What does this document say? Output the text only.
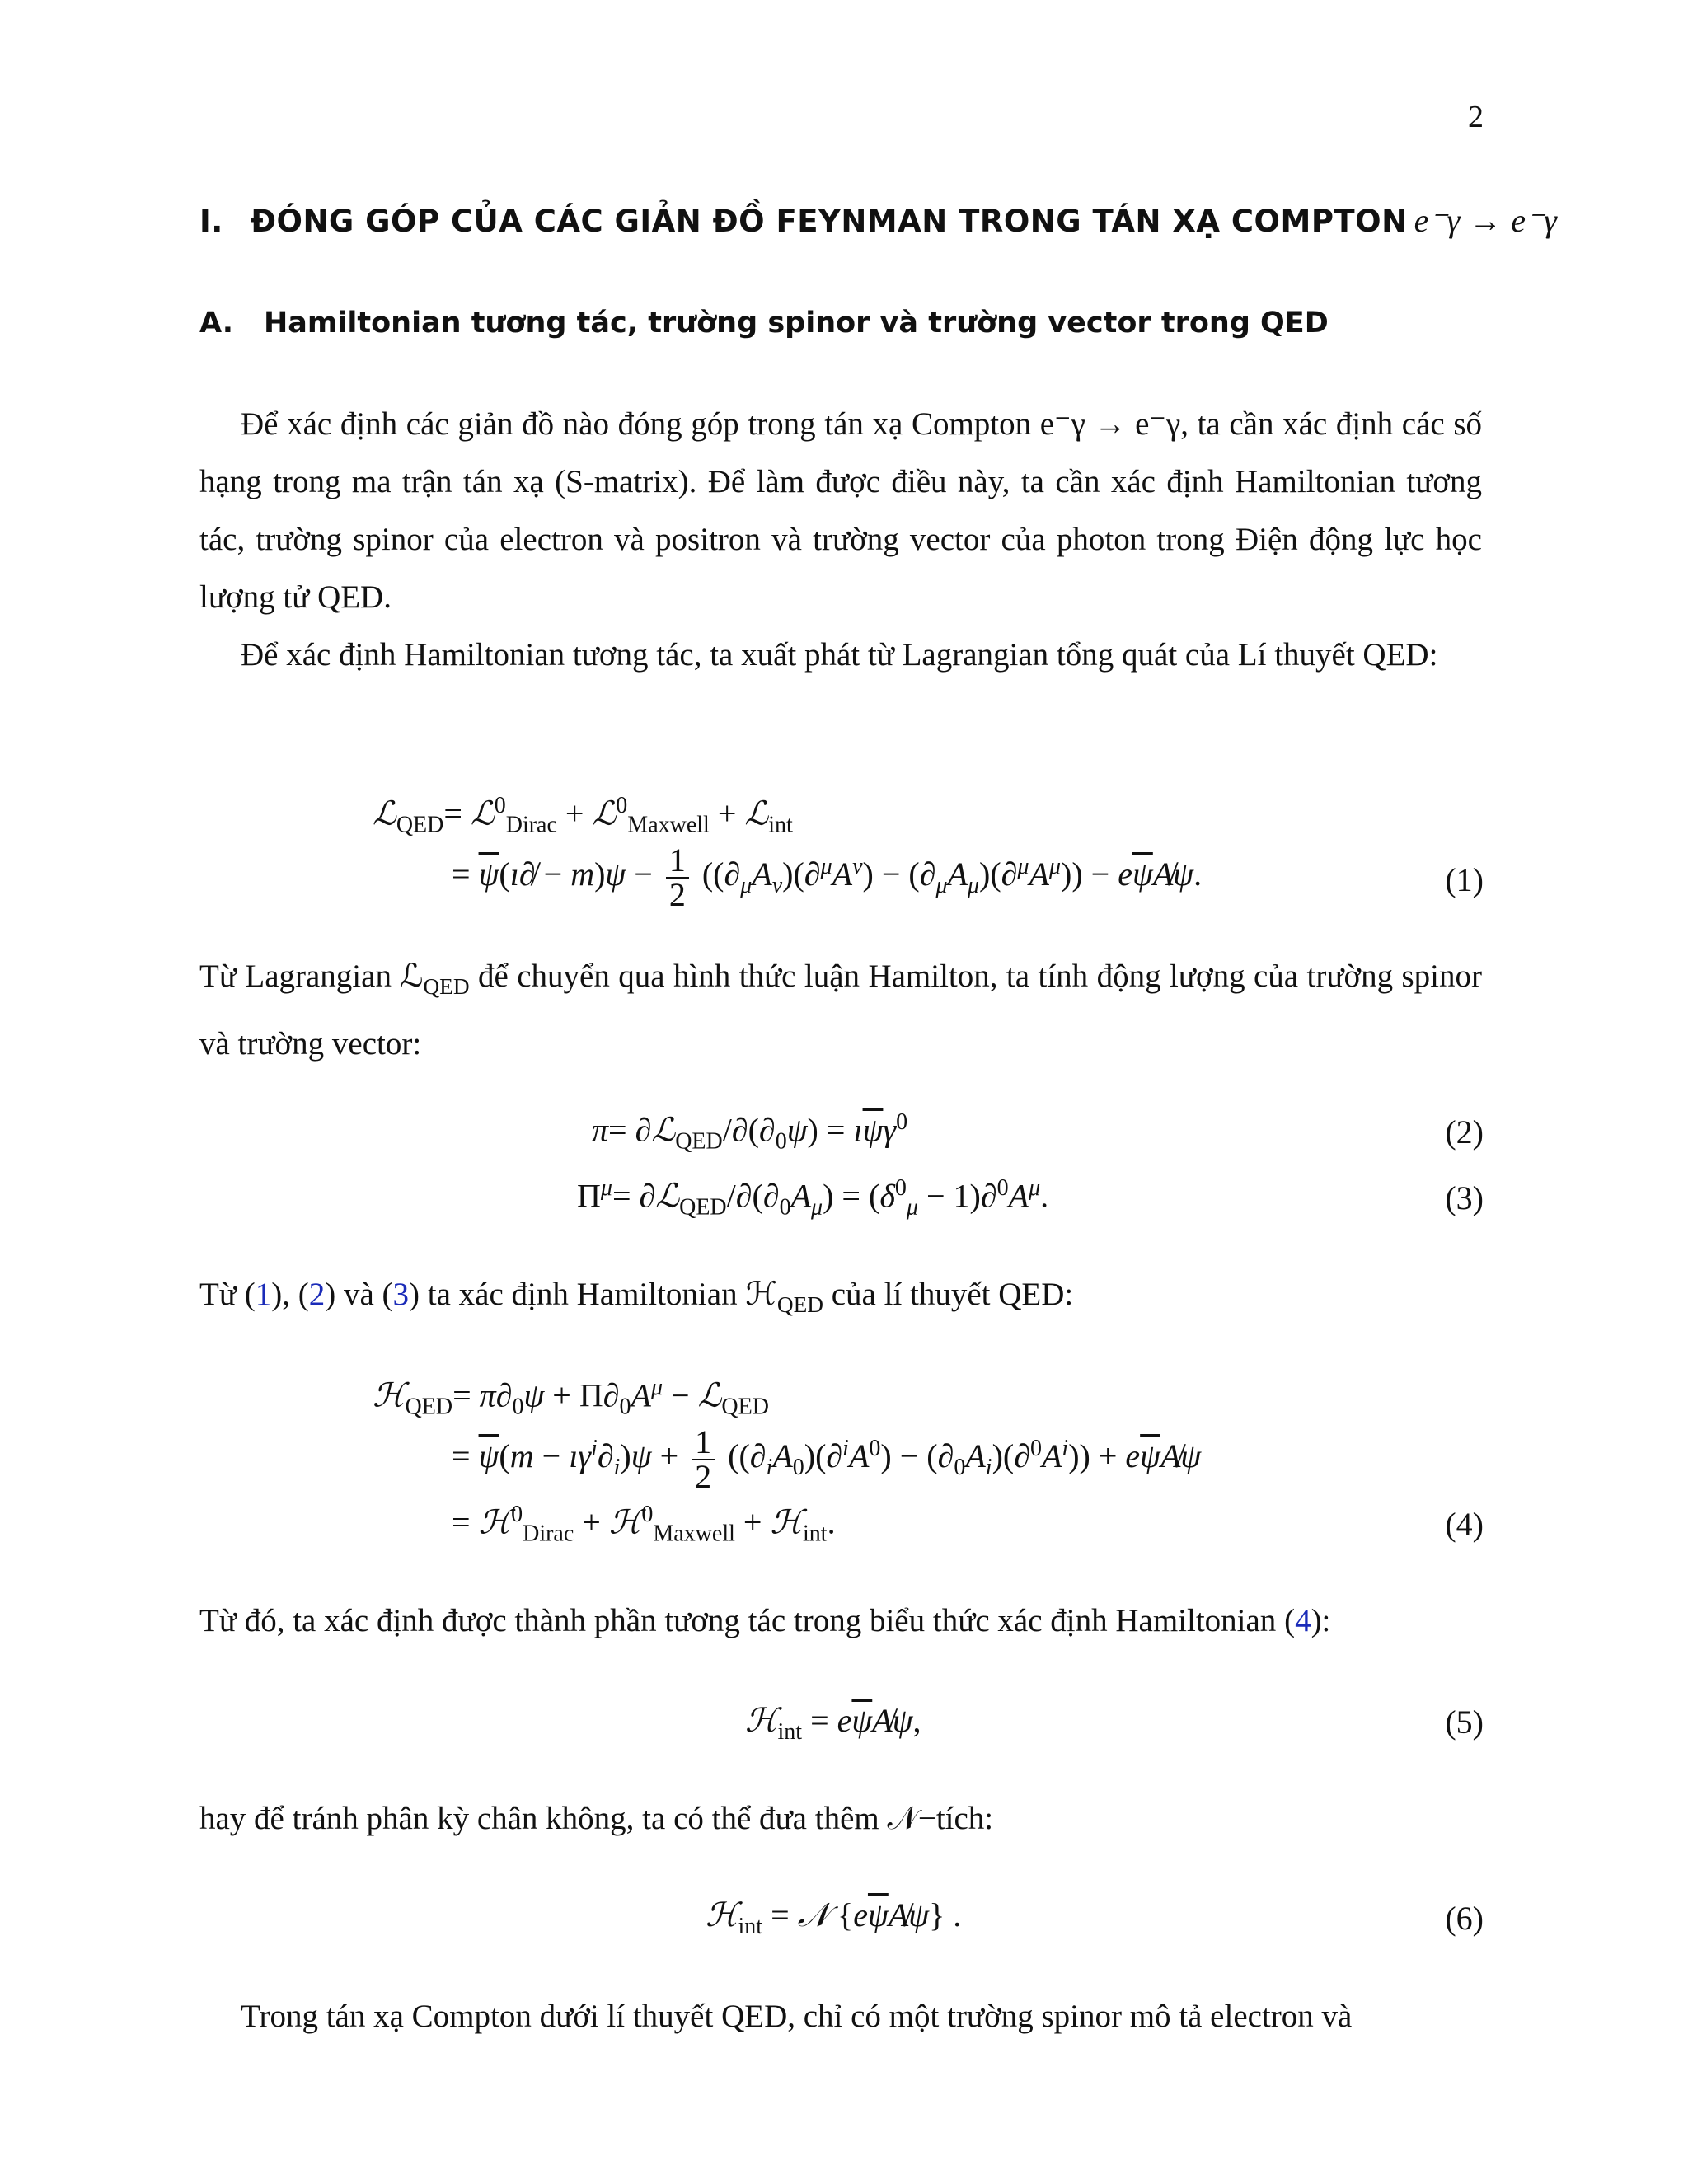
2
I. ĐÓNG GÓP CỦA CÁC GIẢN ĐỒ FEYNMAN TRONG TÁN XẠ COMPTON e⁻γ → e⁻γ
A. Hamiltonian tương tác, trường spinor và trường vector trong QED
Để xác định các giản đồ nào đóng góp trong tán xạ Compton e⁻γ → e⁻γ, ta cần xác định các số hạng trong ma trận tán xạ (S-matrix). Để làm được điều này, ta cần xác định Hamiltonian tương tác, trường spinor của electron và positron và trường vector của photon trong Điện động lực học lượng tử QED.
Để xác định Hamiltonian tương tác, ta xuất phát từ Lagrangian tổng quát của Lí thuyết QED:
ℒ$_{QED}$= ℒ$^0_{Dirac}$ + ℒ$^0_{Maxwell}$ + ℒ$_{int}$
= $\overline{\psi}(ı\partial̸ - m)\psi - \frac{1}{2} ((\partial_\mu A_\nu)(\partial^\mu A^\nu) - (\partial_\mu A_\mu)(\partial^\mu A^\mu))$ − $e\overline{\psi}A̸\psi$.	(1)
Từ Lagrangian ℒ$_{QED}$ để chuyển qua hình thức luận Hamilton, ta tính động lượng của trường spinor và trường vector:
$\pi= \partial ℒ_{QED}/\partial(\partial_0\psi)$ = $ı\overline{\psi}\gamma^0$	(2)
$\Pi^\mu=$ $\partial ℒ_{QED}/\partial(\partial_0A_\mu) = (\delta^0_\mu - 1)\partial^0A^\mu$.	(3)
Từ (1), (2) và (3) ta xác định Hamiltonian ℋ$_{QED}$ của lí thuyết QED:
ℋ$_{QED}$= $\pi\partial_0\psi + \Pi\partial_0A^\mu$ − ℒ$_{QED}$
= $\overline{\psi}(m$ − $ı\gamma^i\partial_i)\psi + \frac{1}{2} ((\partial_iA_0)(\partial^iA^0) - (\partial_0A_i)(\partial^0A^i))$ + $e\overline{\psi}A̸\psi$
= ℋ$^0_{Dirac}$ + ℋ$^0_{Maxwell}$ + ℋ$_{int}$.	(4)
Từ đó, ta xác định được thành phần tương tác trong biểu thức xác định Hamiltonian (4):
ℋ$_{int}$ = $e\overline{\psi}A̸\psi$,	(5)
hay để tránh phân kỳ chân không, ta có thể đưa thêm 𝒩−tích:
ℋ$_{int}$ = 𝒩 $\{e\overline{\psi}A̸\psi\}$ .	(6)
Trong tán xạ Compton dưới lí thuyết QED, chỉ có một trường spinor mô tả electron và
